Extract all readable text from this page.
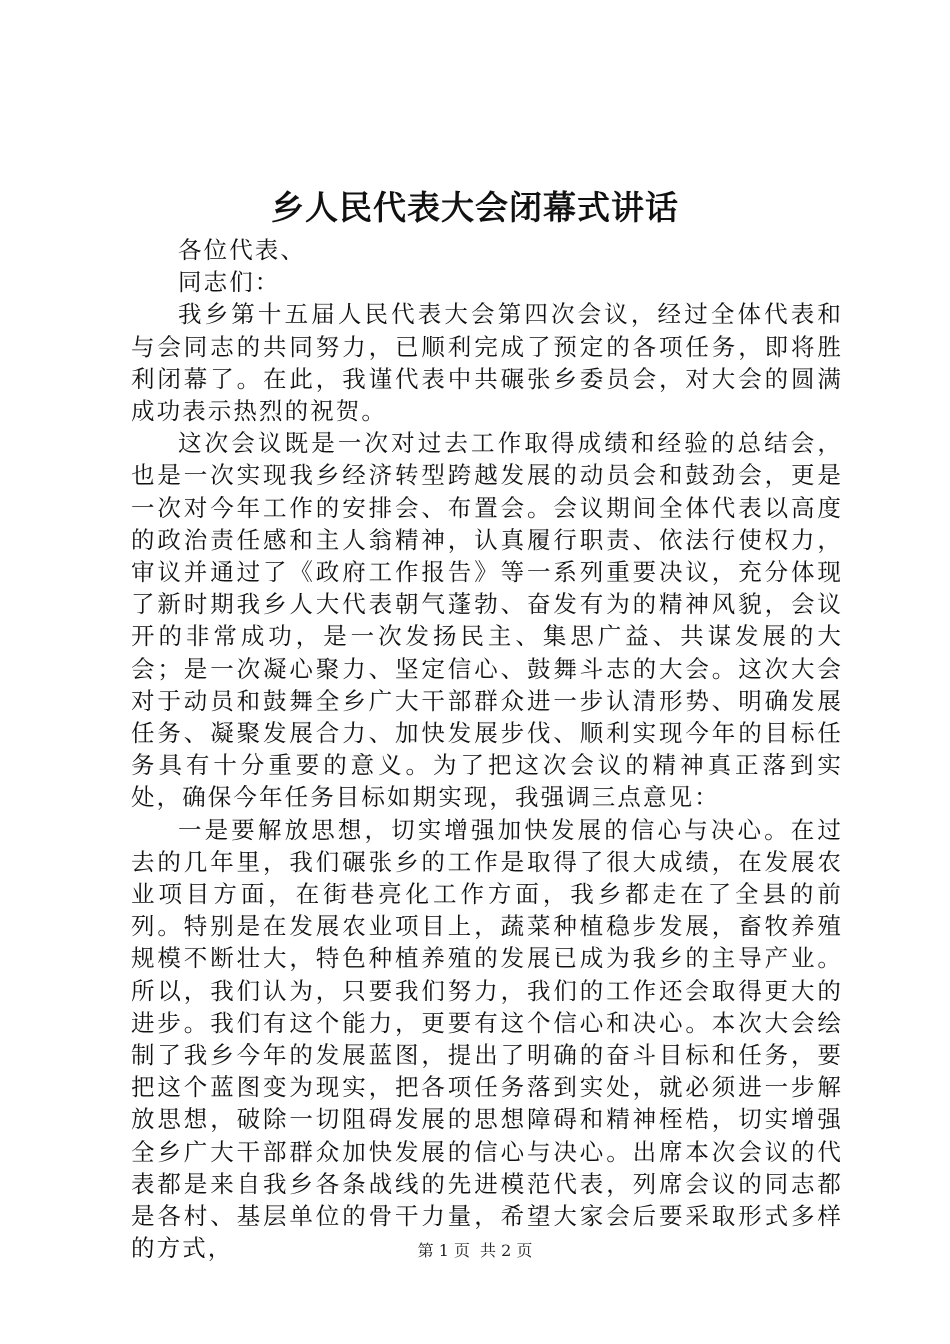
乡人民代表大会闭幕式讲话

各位代表、

同志们：

我乡第十五届人民代表大会第四次会议，经过全体代表和与会同志的共同努力，已顺利完成了预定的各项任务，即将胜利闭幕了。在此，我谨代表中共碾张乡委员会，对大会的圆满成功表示热烈的祝贺。

这次会议既是一次对过去工作取得成绩和经验的总结会，也是一次实现我乡经济转型跨越发展的动员会和鼓劲会，更是一次对今年工作的安排会、布置会。会议期间全体代表以高度的政治责任感和主人翁精神，认真履行职责、依法行使权力，审议并通过了《政府工作报告》等一系列重要决议，充分体现了新时期我乡人大代表朝气蓬勃、奋发有为的精神风貌，会议开的非常成功，是一次发扬民主、集思广益、共谋发展的大会；是一次凝心聚力、坚定信心、鼓舞斗志的大会。这次大会对于动员和鼓舞全乡广大干部群众进一步认清形势、明确发展任务、凝聚发展合力、加快发展步伐、顺利实现今年的目标任务具有十分重要的意义。为了把这次会议的精神真正落到实处，确保今年任务目标如期实现，我强调三点意见：

一是要解放思想，切实增强加快发展的信心与决心。在过去的几年里，我们碾张乡的工作是取得了很大成绩，在发展农业项目方面，在街巷亮化工作方面，我乡都走在了全县的前列。特别是在发展农业项目上，蔬菜种植稳步发展，畜牧养殖规模不断壮大，特色种植养殖的发展已成为我乡的主导产业。所以，我们认为，只要我们努力，我们的工作还会取得更大的进步。我们有这个能力，更要有这个信心和决心。本次大会绘制了我乡今年的发展蓝图，提出了明确的奋斗目标和任务，要把这个蓝图变为现实，把各项任务落到实处，就必须进一步解放思想，破除一切阻碍发展的思想障碍和精神桎梏，切实增强全乡广大干部群众加快发展的信心与决心。出席本次会议的代表都是来自我乡各条战线的先进模范代表，列席会议的同志都是各村、基层单位的骨干力量，希望大家会后要采取形式多样的方式，	第 1 页 共 2 页
